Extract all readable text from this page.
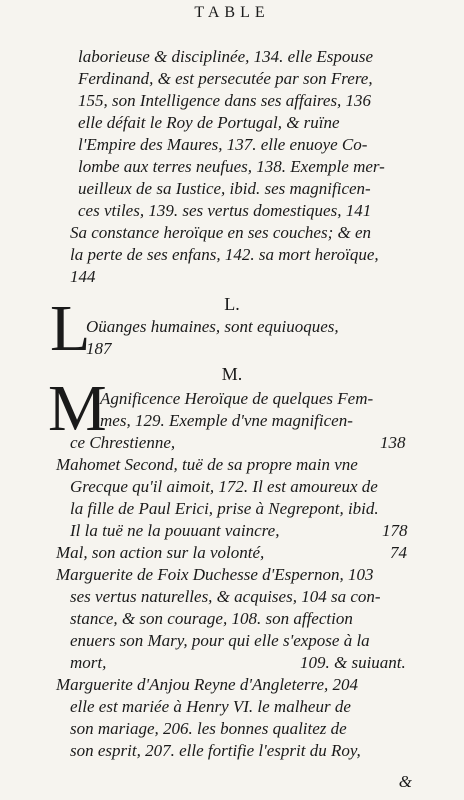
TABLE
laborieuse & disciplinée, 134. elle Espouse
Ferdinand, & est persecutée par son Frere,
155, son Intelligence dans ses affaires, 136
elle défait le Roy de Portugal, & ruïne
l'Empire des Maures, 137. elle enuoye Co-
lombe aux terres neufues, 138. Exemple mer-
ueilleux de sa Iustice, ibid. ses magnificen-
ces vtiles, 139. ses vertus domestiques, 141
Sa constance heroïque en ses couches; & en
la perte de ses enfans, 142. sa mort heroïque,
144
L.
L
Oüanges humaines, sont equiuoques,
187
M.
M
Agnificence Heroïque de quelques Fem-
mes, 129. Exemple d'vne magnificen-
ce Chrestienne,	138
Mahomet Second, tuë de sa propre main vne
Grecque qu'il aimoit, 172. Il est amoureux de
la fille de Paul Erici, prise à Negrepont, ibid.
Il la tuë ne la pouuant vaincre,	178
Mal, son action sur la volonté,	74
Marguerite de Foix Duchesse d'Espernon, 103
ses vertus naturelles, & acquises, 104 sa con-
stance, & son courage, 108. son affection
enuers son Mary, pour qui elle s'expose à la
mort,	109. & suiuant.
Marguerite d'Anjou Reyne d'Angleterre, 204
elle est mariée à Henry VI. le malheur de
son mariage, 206. les bonnes qualitez de
son esprit, 207. elle fortifie l'esprit du Roy,
&
